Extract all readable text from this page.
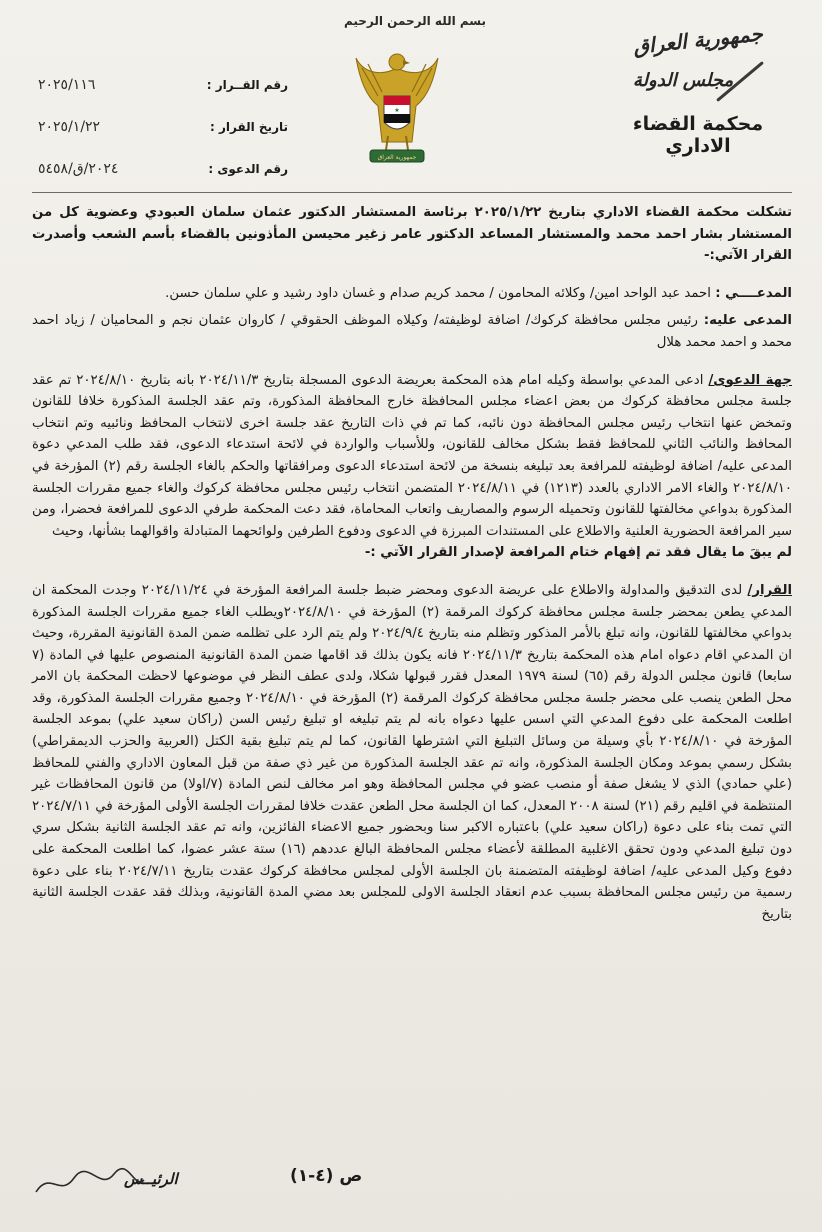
بسم الله الرحمن الرحيم
جمهورية العراق
مجلس الدولة
محكمة القضاء الاداري
★
جمهورية العراق
رقم القــرار :
٢٠٢٥/١١٦
تاريخ القرار :
٢٠٢٥/١/٢٢
رقم الدعوى :
٢٠٢٤/ق/٥٤٥٨
تشكلت محكمة القضاء الاداري بتاريخ ٢٠٢٥/١/٢٢ برئاسة المستشار الدكتور عثمان سلمان العبودي وعضوية كل من المستشار بشار احمد محمد والمستشار المساعد الدكتور عامر زغير محيسن المأذونين بالقضاء بأسم الشعب وأصدرت القرار الآتي:-
المدعــــي : احمد عبد الواحد امين/ وكلائه المحامون / محمد كريم صدام و غسان داود رشيد و علي سلمان حسن.
المدعى عليه: رئيس مجلس محافظة كركوك/ اضافة لوظيفته/ وكيلاه الموظف الحقوقي / كاروان عثمان نجم و المحاميان / زياد احمد محمد و احمد محمد هلال
جهة الدعوى/ ادعى المدعي بواسطة وكيله امام هذه المحكمة بعريضة الدعوى المسجلة بتاريخ ٢٠٢٤/١١/٣ بانه بتاريخ ٢٠٢٤/٨/١٠ تم عقد جلسة مجلس محافظة كركوك من بعض اعضاء مجلس المحافظة خارج المحافظة المذكورة، وتم عقد الجلسة المذكورة خلافا للقانون وتمخض عنها انتخاب رئيس مجلس المحافظة دون نائبه، كما تم في ذات التاريخ عقد جلسة اخرى لانتخاب المحافظ ونائبيه وتم انتخاب المحافظ والنائب الثاني للمحافظ فقط بشكل مخالف للقانون، وللأسباب والواردة في لائحة استدعاء الدعوى، فقد طلب المدعي دعوة المدعى عليه/ اضافة لوظيفته للمرافعة بعد تبليغه بنسخة من لائحة استدعاء الدعوى ومرافقاتها والحكم بالغاء الجلسة رقم (٢) المؤرخة في ٢٠٢٤/٨/١٠ والغاء الامر الاداري بالعدد (١٢١٣) في ٢٠٢٤/٨/١١ المتضمن انتخاب رئيس مجلس محافظة كركوك والغاء جميع مقررات الجلسة المذكورة بدواعي مخالفتها للقانون وتحميله الرسوم والمصاريف واتعاب المحاماة، فقد دعت المحكمة طرفي الدعوى للمرافعة فحضرا، ومن سير المرافعة الحضورية العلنية والاطلاع على المستندات المبرزة في الدعوى ودفوع الطرفين ولوائحهما المتبادلة واقوالهما بشأنها، وحيث
لم يبقَ ما يقال فقد تم إفهام ختام المرافعة لإصدار القرار الآتي :-
القرار/ لدى التدقيق والمداولة والاطلاع على عريضة الدعوى ومحضر ضبط جلسة المرافعة المؤرخة في ٢٠٢٤/١١/٢٤ وجدت المحكمة ان المدعي يطعن بمحضر جلسة مجلس محافظة كركوك المرقمة (٢) المؤرخة في ٢٠٢٤/٨/١٠ويطلب الغاء جميع مقررات الجلسة المذكورة بدواعي مخالفتها للقانون، وانه تبلغ بالأمر المذكور وتظلم منه بتاريخ ٢٠٢٤/٩/٤ ولم يتم الرد على تظلمه ضمن المدة القانونية المقررة، وحيث ان المدعي اقام دعواه امام هذه المحكمة بتاريخ ٢٠٢٤/١١/٣ فانه يكون بذلك قد اقامها ضمن المدة القانونية المنصوص عليها في المادة (٧ سابعا) قانون مجلس الدولة رقم (٦٥) لسنة ١٩٧٩ المعدل فقرر قبولها شكلا، ولدى عطف النظر في موضوعها لاحظت المحكمة بان الامر محل الطعن ينصب على محضر جلسة مجلس محافظة كركوك المرقمة (٢) المؤرخة في ٢٠٢٤/٨/١٠ وجميع مقررات الجلسة المذكورة، وقد اطلعت المحكمة على دفوع المدعي التي اسس عليها دعواه بانه لم يتم تبليغه او تبليغ رئيس السن (راكان سعيد علي) بموعد الجلسة المؤرخة في ٢٠٢٤/٨/١٠ بأي وسيلة من وسائل التبليغ التي اشترطها القانون، كما لم يتم تبليغ بقية الكتل (العربية والحزب الديمقراطي) بشكل رسمي بموعد ومكان الجلسة المذكورة، وانه تم عقد الجلسة المذكورة من غير ذي صفة من قبل المعاون الاداري والفني للمحافظ (علي حمادي) الذي لا يشغل صفة أو منصب عضو في مجلس المحافظة وهو امر مخالف لنص المادة (٧/اولا) من قانون المحافظات غير المنتظمة في اقليم رقم (٢١) لسنة ٢٠٠٨ المعدل، كما ان الجلسة محل الطعن عقدت خلافا لمقررات الجلسة الأولى المؤرخة في ٢٠٢٤/٧/١١ التي تمت بناء على دعوة (راكان سعيد علي) باعتباره الاكبر سنا وبحضور جميع الاعضاء الفائزين، وانه تم عقد الجلسة الثانية بشكل سري دون تبليغ المدعي ودون تحقق الاغلبية المطلقة لأعضاء مجلس المحافظة البالغ عددهم (١٦) ستة عشر عضوا، كما اطلعت المحكمة على دفوع وكيل المدعى عليه/ اضافة لوظيفته المتضمنة بان الجلسة الأولى لمجلس محافظة كركوك عقدت بتاريخ ٢٠٢٤/٧/١١ بناء على دعوة رسمية من رئيس مجلس المحافظة بسبب عدم انعقاد الجلسة الاولى للمجلس بعد مضي المدة القانونية، وبذلك فقد عقدت الجلسة الثانية بتاريخ
ص (٤-١)
الرئيــس
